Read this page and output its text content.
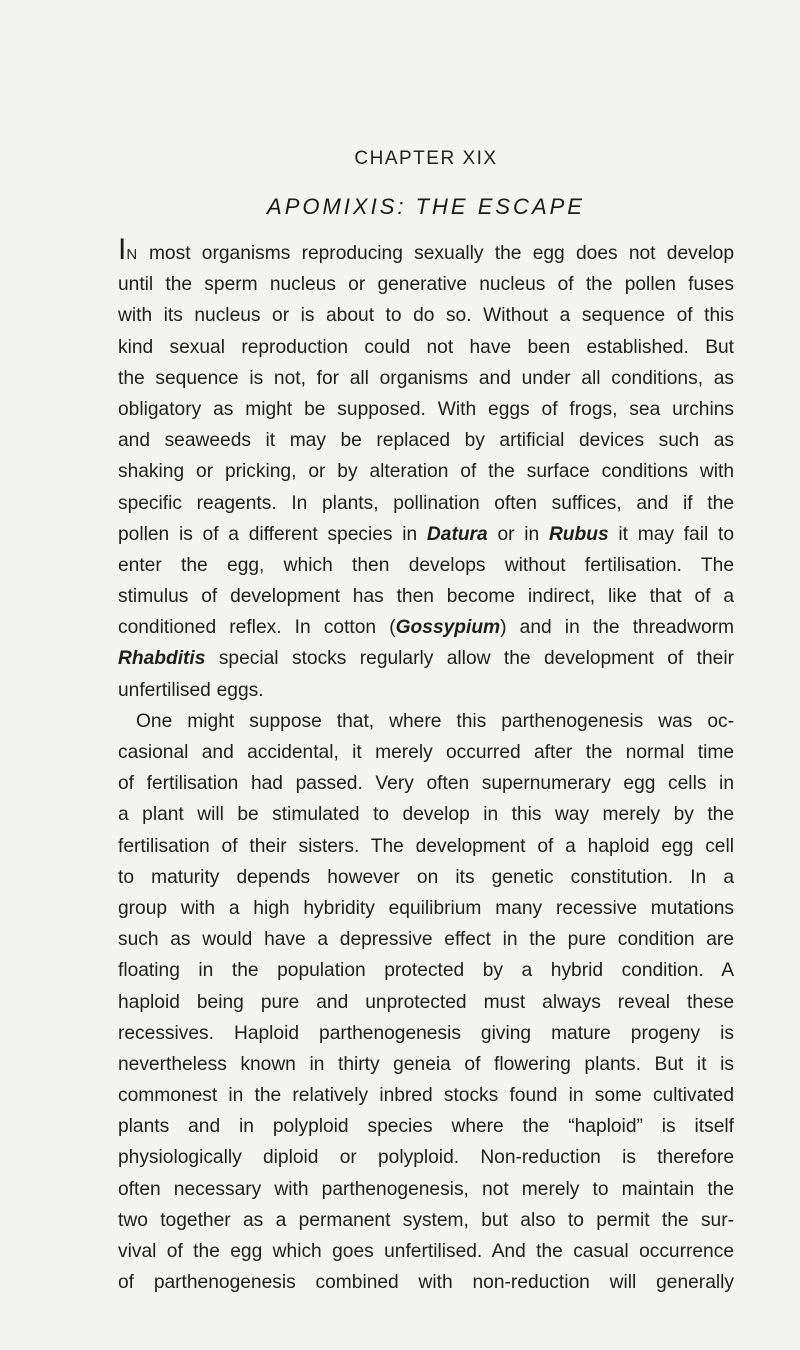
CHAPTER XIX
APOMIXIS: THE ESCAPE
IN most organisms reproducing sexually the egg does not develop
until the sperm nucleus or generative nucleus of the pollen fuses
with its nucleus or is about to do so. Without a sequence of this
kind sexual reproduction could not have been established. But
the sequence is not, for all organisms and under all conditions, as
obligatory as might be supposed. With eggs of frogs, sea urchins
and seaweeds it may be replaced by artificial devices such as
shaking or pricking, or by alteration of the surface conditions with
specific reagents. In plants, pollination often suffices, and if the
pollen is of a different species in Datura or in Rubus it may fail to
enter the egg, which then develops without fertilisation. The
stimulus of development has then become indirect, like that of a
conditioned reflex. In cotton (Gossypium) and in the threadworm
Rhabditis special stocks regularly allow the development of their
unfertilised eggs.
One might suppose that, where this parthenogenesis was oc-
casional and accidental, it merely occurred after the normal time
of fertilisation had passed. Very often supernumerary egg cells in
a plant will be stimulated to develop in this way merely by the
fertilisation of their sisters. The development of a haploid egg cell
to maturity depends however on its genetic constitution. In a
group with a high hybridity equilibrium many recessive mutations
such as would have a depressive effect in the pure condition are
floating in the population protected by a hybrid condition. A
haploid being pure and unprotected must always reveal these
recessives. Haploid parthenogenesis giving mature progeny is
nevertheless known in thirty geneia of flowering plants. But it is
commonest in the relatively inbred stocks found in some cultivated
plants and in polyploid species where the “haploid” is itself
physiologically diploid or polyploid. Non-reduction is therefore
often necessary with parthenogenesis, not merely to maintain the
two together as a permanent system, but also to permit the sur-
vival of the egg which goes unfertilised. And the casual occurrence
of parthenogenesis combined with non-reduction will generally
